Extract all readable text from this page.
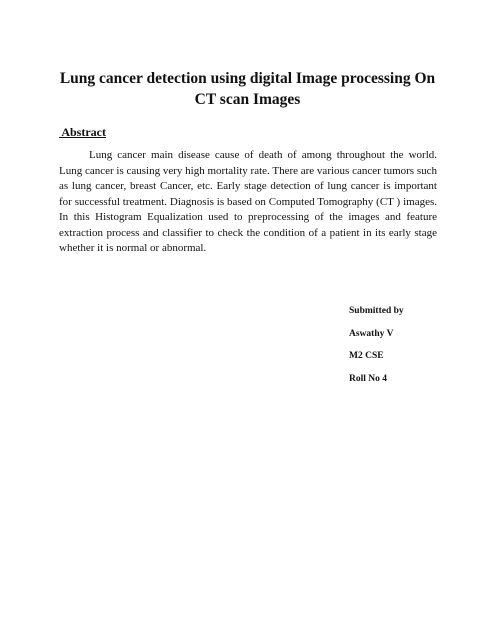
Lung cancer detection using digital Image processing On CT scan Images
Abstract

Lung cancer main disease cause of death of among throughout the world. Lung cancer is causing very high mortality rate. There are various cancer tumors such as lung cancer, breast Cancer, etc. Early stage detection of lung cancer is important for successful treatment. Diagnosis is based on Computed Tomography (CT ) images. In this Histogram Equalization used to preprocessing of the images and feature extraction process and classifier to check the condition of a patient in its early stage whether it is normal or abnormal.

Submitted by
Aswathy V
M2 CSE
Roll No 4
